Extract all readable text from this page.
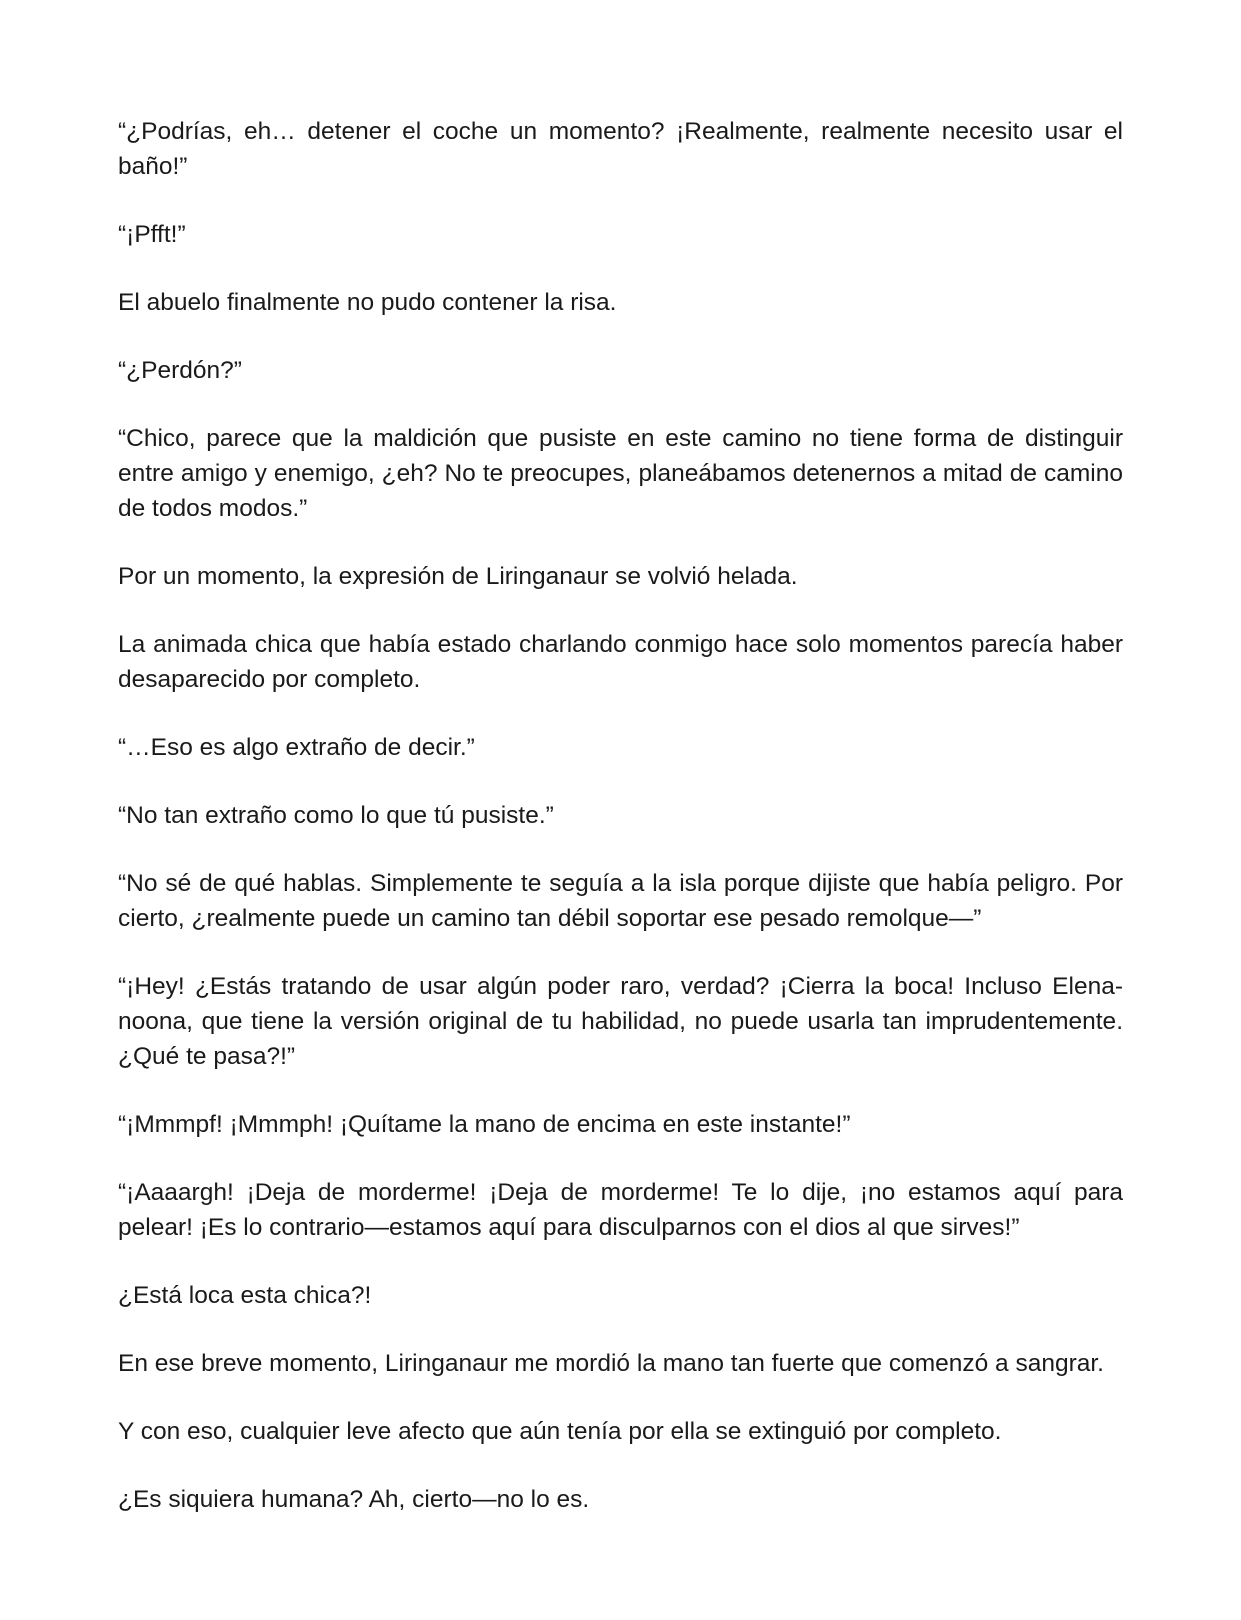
“¿Podrías, eh… detener el coche un momento? ¡Realmente, realmente necesito usar el baño!”

“¡Pfft!”

El abuelo finalmente no pudo contener la risa.

“¿Perdón?”

“Chico, parece que la maldición que pusiste en este camino no tiene forma de distinguir entre amigo y enemigo, ¿eh? No te preocupes, planeábamos detenernos a mitad de camino de todos modos.”

Por un momento, la expresión de Liringanaur se volvió helada.

La animada chica que había estado charlando conmigo hace solo momentos parecía haber desaparecido por completo.

“…Eso es algo extraño de decir.”

“No tan extraño como lo que tú pusiste.”

“No sé de qué hablas. Simplemente te seguía a la isla porque dijiste que había peligro. Por cierto, ¿realmente puede un camino tan débil soportar ese pesado remolque—”

“¡Hey! ¿Estás tratando de usar algún poder raro, verdad? ¡Cierra la boca! Incluso Elena-noona, que tiene la versión original de tu habilidad, no puede usarla tan imprudentemente. ¿Qué te pasa?!”

“¡Mmmpf! ¡Mmmph! ¡Quítame la mano de encima en este instante!”

“¡Aaaargh! ¡Deja de morderme! ¡Deja de morderme! Te lo dije, ¡no estamos aquí para pelear! ¡Es lo contrario—estamos aquí para disculparnos con el dios al que sirves!”

¿Está loca esta chica?!

En ese breve momento, Liringanaur me mordió la mano tan fuerte que comenzó a sangrar.

Y con eso, cualquier leve afecto que aún tenía por ella se extinguió por completo.

¿Es siquiera humana? Ah, cierto—no lo es.
